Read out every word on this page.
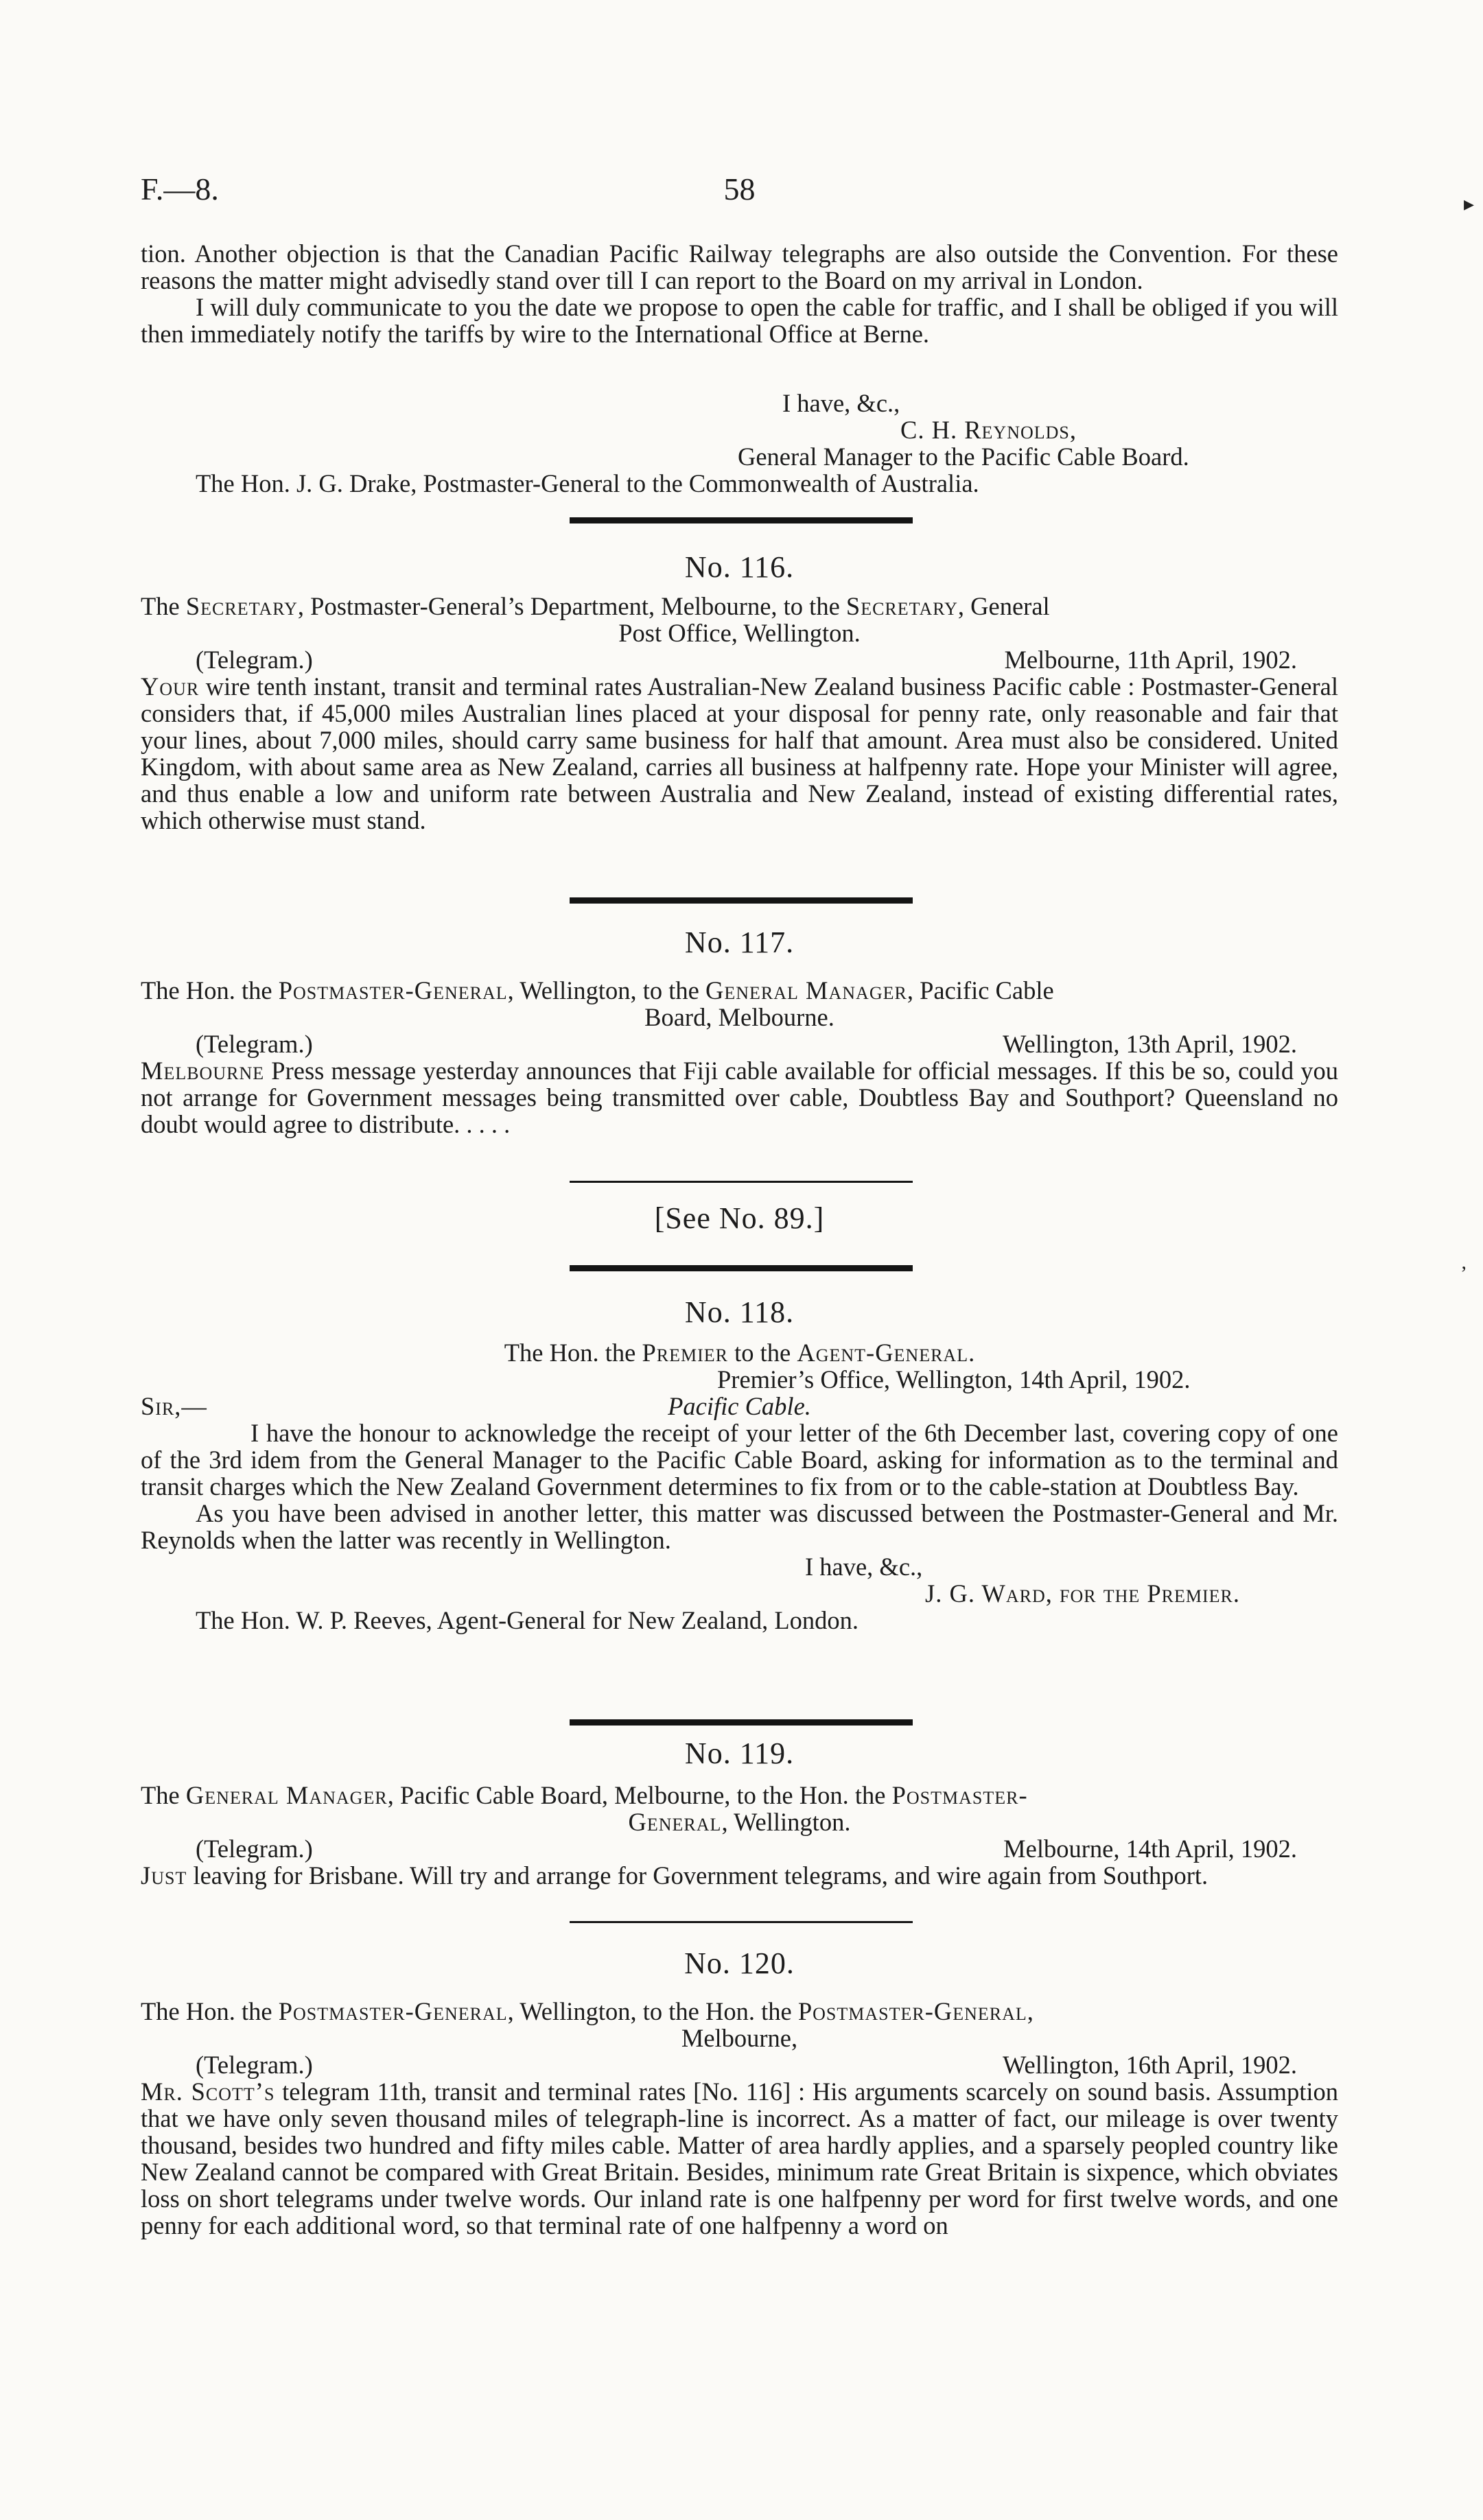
F.—8.	58

tion. Another objection is that the Canadian Pacific Railway telegraphs are also outside the Convention. For these reasons the matter might advisedly stand over till I can report to the Board on my arrival in London.

I will duly communicate to you the date we propose to open the cable for traffic, and I shall be obliged if you will then immediately notify the tariffs by wire to the International Office at Berne.

I have, &c.,

C. H. Reynolds,

General Manager to the Pacific Cable Board.

The Hon. J. G. Drake, Postmaster-General to the Commonwealth of Australia.

No. 116.

The Secretary, Postmaster-General’s Department, Melbourne, to the Secretary, General

Post Office, Wellington.

(Telegram.)	Melbourne, 11th April, 1902.

Your wire tenth instant, transit and terminal rates Australian-New Zealand business Pacific cable : Postmaster-General considers that, if 45,000 miles Australian lines placed at your disposal for penny rate, only reasonable and fair that your lines, about 7,000 miles, should carry same business for half that amount. Area must also be considered. United Kingdom, with about same area as New Zealand, carries all business at halfpenny rate. Hope your Minister will agree, and thus enable a low and uniform rate between Australia and New Zealand, instead of existing differential rates, which otherwise must stand.

No. 117.

The Hon. the Postmaster-General, Wellington, to the General Manager, Pacific Cable

Board, Melbourne.

(Telegram.)	Wellington, 13th April, 1902.

Melbourne Press message yesterday announces that Fiji cable available for official messages. If this be so, could you not arrange for Government messages being transmitted over cable, Doubtless Bay and Southport? Queensland no doubt would agree to distribute. . . . .

[See No. 89.]
No. 118.

The Hon. the Premier to the Agent-General.

Premier’s Office, Wellington, 14th April, 1902.

Sir,—	Pacific Cable.

I have the honour to acknowledge the receipt of your letter of the 6th December last, covering copy of one of the 3rd idem from the General Manager to the Pacific Cable Board, asking for information as to the terminal and transit charges which the New Zealand Government determines to fix from or to the cable-station at Doubtless Bay.

As you have been advised in another letter, this matter was discussed between the Postmaster-General and Mr. Reynolds when the latter was recently in Wellington.

I have, &c.,

J. G. Ward, for the Premier.

The Hon. W. P. Reeves, Agent-General for New Zealand, London.

No. 119.

The General Manager, Pacific Cable Board, Melbourne, to the Hon. the Postmaster-

General, Wellington.

(Telegram.)	Melbourne, 14th April, 1902.

Just leaving for Brisbane. Will try and arrange for Government telegrams, and wire again from Southport.

No. 120.

The Hon. the Postmaster-General, Wellington, to the Hon. the Postmaster-General,

Melbourne,

(Telegram.)	Wellington, 16th April, 1902.

Mr. Scott’s telegram 11th, transit and terminal rates [No. 116] : His arguments scarcely on sound basis. Assumption that we have only seven thousand miles of telegraph-line is incorrect. As a matter of fact, our mileage is over twenty thousand, besides two hundred and fifty miles cable. Matter of area hardly applies, and a sparsely peopled country like New Zealand cannot be compared with Great Britain. Besides, minimum rate Great Britain is sixpence, which obviates loss on short telegrams under twelve words. Our inland rate is one halfpenny per word for first twelve words, and one penny for each additional word, so that terminal rate of one halfpenny a word on

▸
ʼ
